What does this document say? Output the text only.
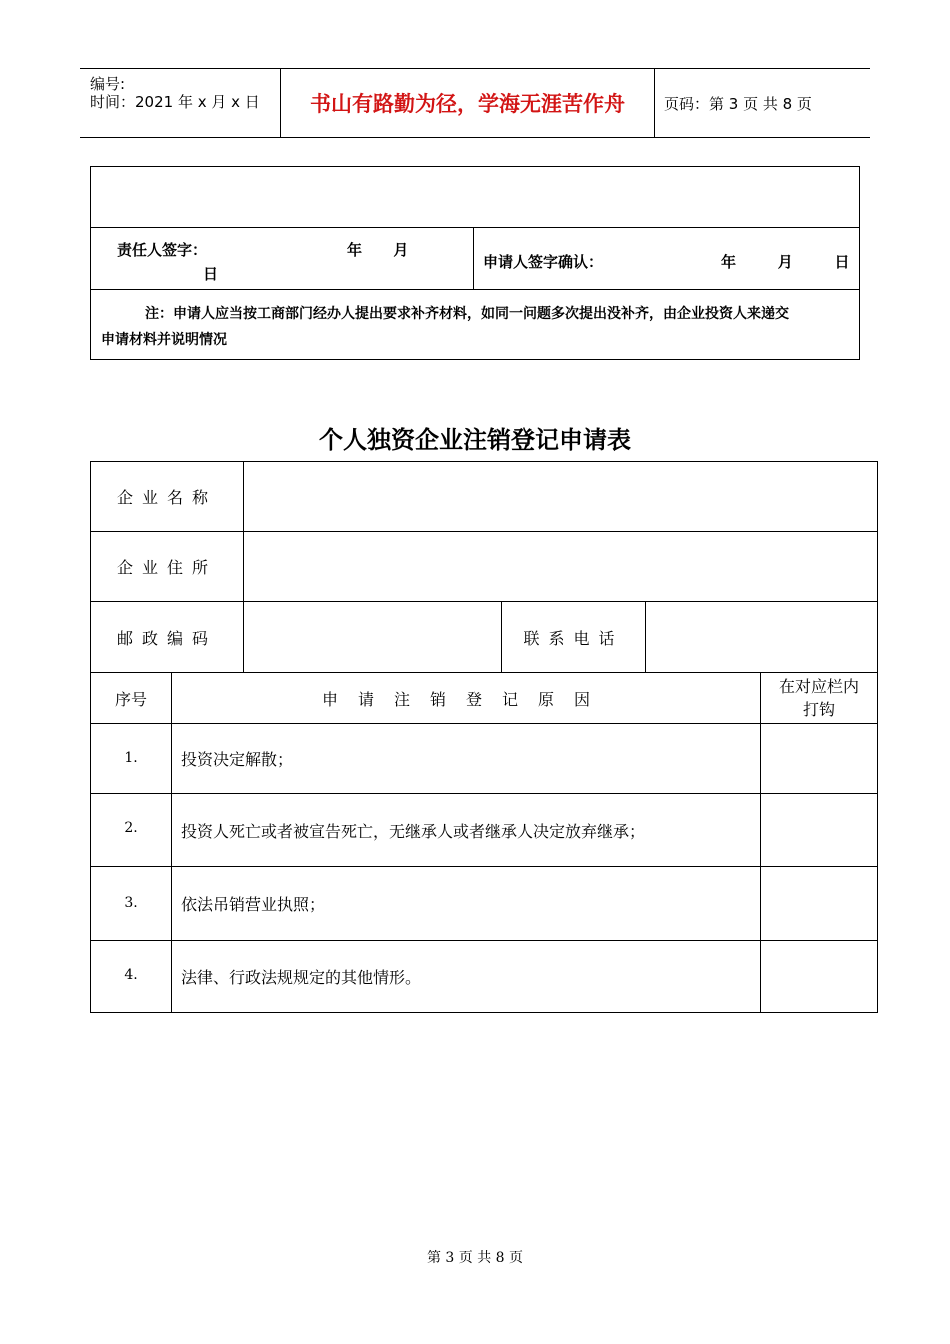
编号:
时间：2021 年 x 月 x 日	书山有路勤为径，学海无涯苦作舟	页码：第 3 页 共 8 页
责任人签字：	年      月
日
申请人签字确认：	年        月        日
注：申请人应当按工商部门经办人提出要求补齐材料，如同一问题多次提出没补齐，由企业投资人来递交
申请材料并说明情况
个人独资企业注销登记申请表
企业名称
企业住所
邮政编码	联系电话
序号	申请注销登记原因
在对应栏内
打钩
1.	投资决定解散；
2.	投资人死亡或者被宣告死亡，无继承人或者继承人决定放弃继承；
3.	依法吊销营业执照；
4.	法律、行政法规规定的其他情形。
第 3 页 共 8 页
